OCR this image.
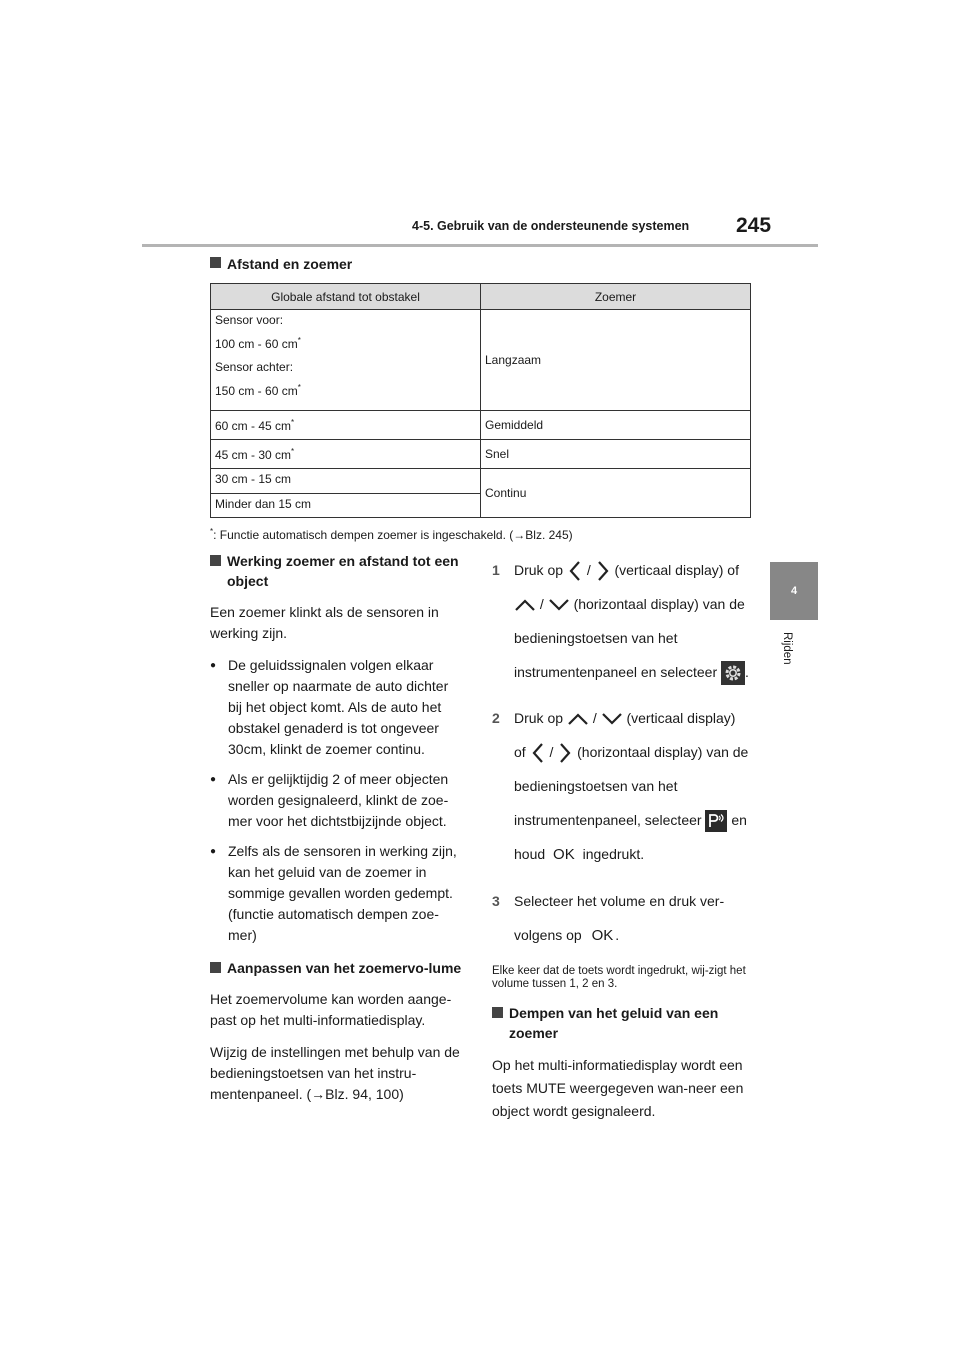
4-5. Gebruik van de ondersteunende systemen 245
4
Rijden
Afstand en zoemer
Globale afstand tot obstakel	Zoemer

Sensor voor:

100 cm - 60 cm*

Sensor achter:

150 cm - 60 cm*	Langzaam
60 cm - 45 cm*	Gemiddeld
45 cm - 30 cm*	Snel
30 cm - 15 cm	Continu
Minder dan 15 cm	
*: Functie automatisch dempen zoemer is ingeschakeld. (→Blz. 245)
Werking zoemer en afstand tot een object

Een zoemer klinkt als de sensoren in werking zijn.

● De geluidssignalen volgen elkaar sneller op naarmate de auto dichter bij het object komt. Als de auto het obstakel genaderd is tot ongeveer 30cm, klinkt de zoemer continu.
● Als er gelijktijdig 2 of meer objecten worden gesignaleerd, klinkt de zoe-mer voor het dichtstbijzijnde object.
● Zelfs als de sensoren in werking zijn, kan het geluid van de zoemer in sommige gevallen worden gedempt. (functie automatisch dempen zoe-mer)
Aanpassen van het zoemervo-lume

Het zoemervolume kan worden aange-past op het multi-informatiedisplay.

Wijzig de instellingen met behulp van de bedieningstoetsen van het instru-mentenpaneel. (→Blz. 94, 100)

1 Druk op / (verticaal display) of  / (horizontaal display) van de bedieningstoetsen van het instrumentenpaneel en selecteer .
2 Druk op / (verticaal display) of / (horizontaal display) van de bedieningstoetsen van het instrumentenpaneel, selecteer en houd OK ingedrukt.
3 Selecteer het volume en druk ver-volgens op OK .
Elke keer dat de toets wordt ingedrukt, wij-zigt het volume tussen 1, 2 en 3.
Dempen van het geluid van een zoemer

Op het multi-informatiedisplay wordt een toets MUTE weergegeven wan-neer een object wordt gesignaleerd.
